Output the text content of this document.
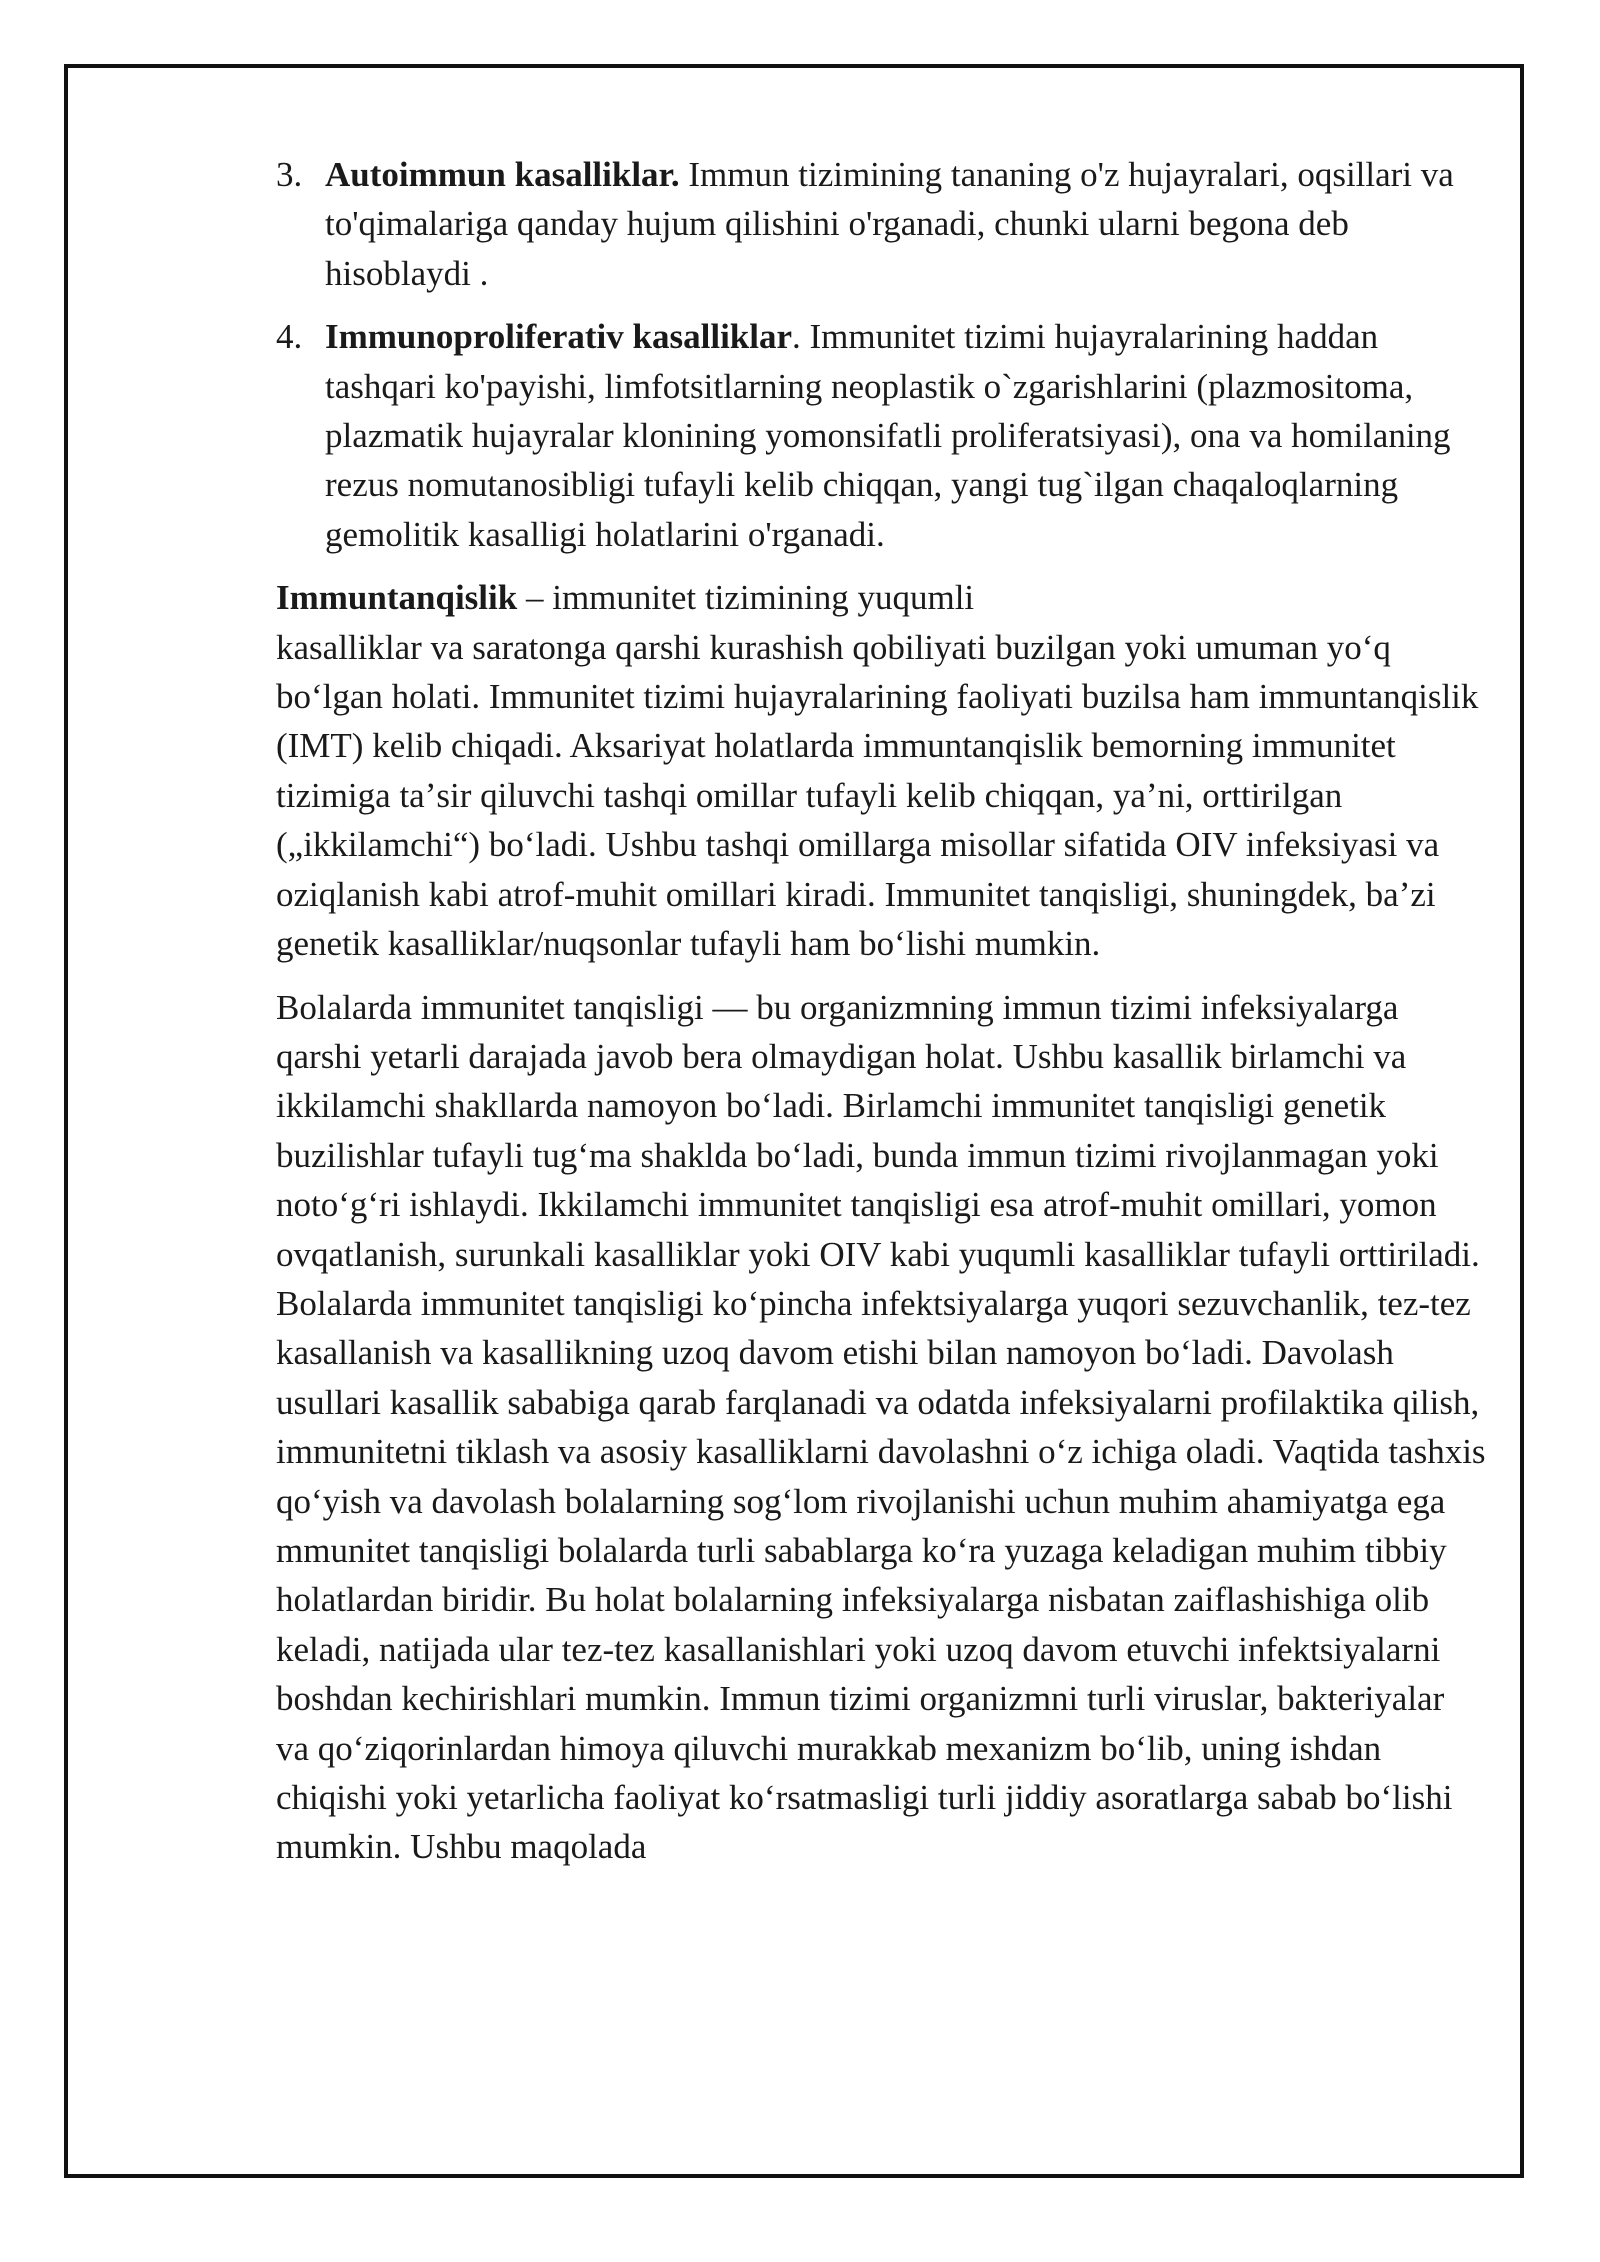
3. Autoimmun kasalliklar. Immun tizimining tananing o'z hujayralari, oqsillari va to'qimalariga qanday hujum qilishini o'rganadi, chunki ularni begona deb hisoblaydi .
4. Immunoproliferativ kasalliklar. Immunitet tizimi hujayralarining haddan tashqari ko'payishi, limfotsitlarning neoplastik o`zgarishlarini (plazmositoma, plazmatik hujayralar klonining yomonsifatli proliferatsiyasi), ona va homilaning rezus nomutanosibligi tufayli kelib chiqqan, yangi tug`ilgan chaqaloqlarning gemolitik kasalligi holatlarini o'rganadi.
Immuntanqislik – immunitet tizimining yuqumli
kasalliklar va saratonga qarshi kurashish qobiliyati buzilgan yoki umuman yoʻq boʻlgan holati. Immunitet tizimi hujayralarining faoliyati buzilsa ham immuntanqislik (IMT) kelib chiqadi. Aksariyat holatlarda immuntanqislik bemorning immunitet tizimiga taʼsir qiluvchi tashqi omillar tufayli kelib chiqqan, yaʼni, orttirilgan („ikkilamchi“) boʻladi. Ushbu tashqi omillarga misollar sifatida OIV infeksiyasi va oziqlanish kabi atrof-muhit omillari kiradi. Immunitet tanqisligi, shuningdek, baʼzi genetik kasalliklar/nuqsonlar tufayli ham boʻlishi mumkin.
Bolalarda immunitet tanqisligi — bu organizmning immun tizimi infeksiyalarga qarshi yetarli darajada javob bera olmaydigan holat. Ushbu kasallik birlamchi va ikkilamchi shakllarda namoyon boʻladi. Birlamchi immunitet tanqisligi genetik buzilishlar tufayli tugʻma shaklda boʻladi, bunda immun tizimi rivojlanmagan yoki notoʻgʻri ishlaydi. Ikkilamchi immunitet tanqisligi esa atrof-muhit omillari, yomon ovqatlanish, surunkali kasalliklar yoki OIV kabi yuqumli kasalliklar tufayli orttiriladi. Bolalarda immunitet tanqisligi koʻpincha infektsiyalarga yuqori sezuvchanlik, tez-tez kasallanish va kasallikning uzoq davom etishi bilan namoyon boʻladi. Davolash usullari kasallik sababiga qarab farqlanadi va odatda infeksiyalarni profilaktika qilish, immunitetni tiklash va asosiy kasalliklarni davolashni oʻz ichiga oladi. Vaqtida tashxis qoʻyish va davolash bolalarning sogʻlom rivojlanishi uchun muhim ahamiyatga ega mmunitet tanqisligi bolalarda turli sabablarga koʻra yuzaga keladigan muhim tibbiy holatlardan biridir. Bu holat bolalarning infeksiyalarga nisbatan zaiflashishiga olib keladi, natijada ular tez-tez kasallanishlari yoki uzoq davom etuvchi infektsiyalarni boshdan kechirishlari mumkin. Immun tizimi organizmni turli viruslar, bakteriyalar va qoʻziqorinlardan himoya qiluvchi murakkab mexanizm boʻlib, uning ishdan chiqishi yoki yetarlicha faoliyat koʻrsatmasligi turli jiddiy asoratlarga sabab boʻlishi mumkin. Ushbu maqolada
